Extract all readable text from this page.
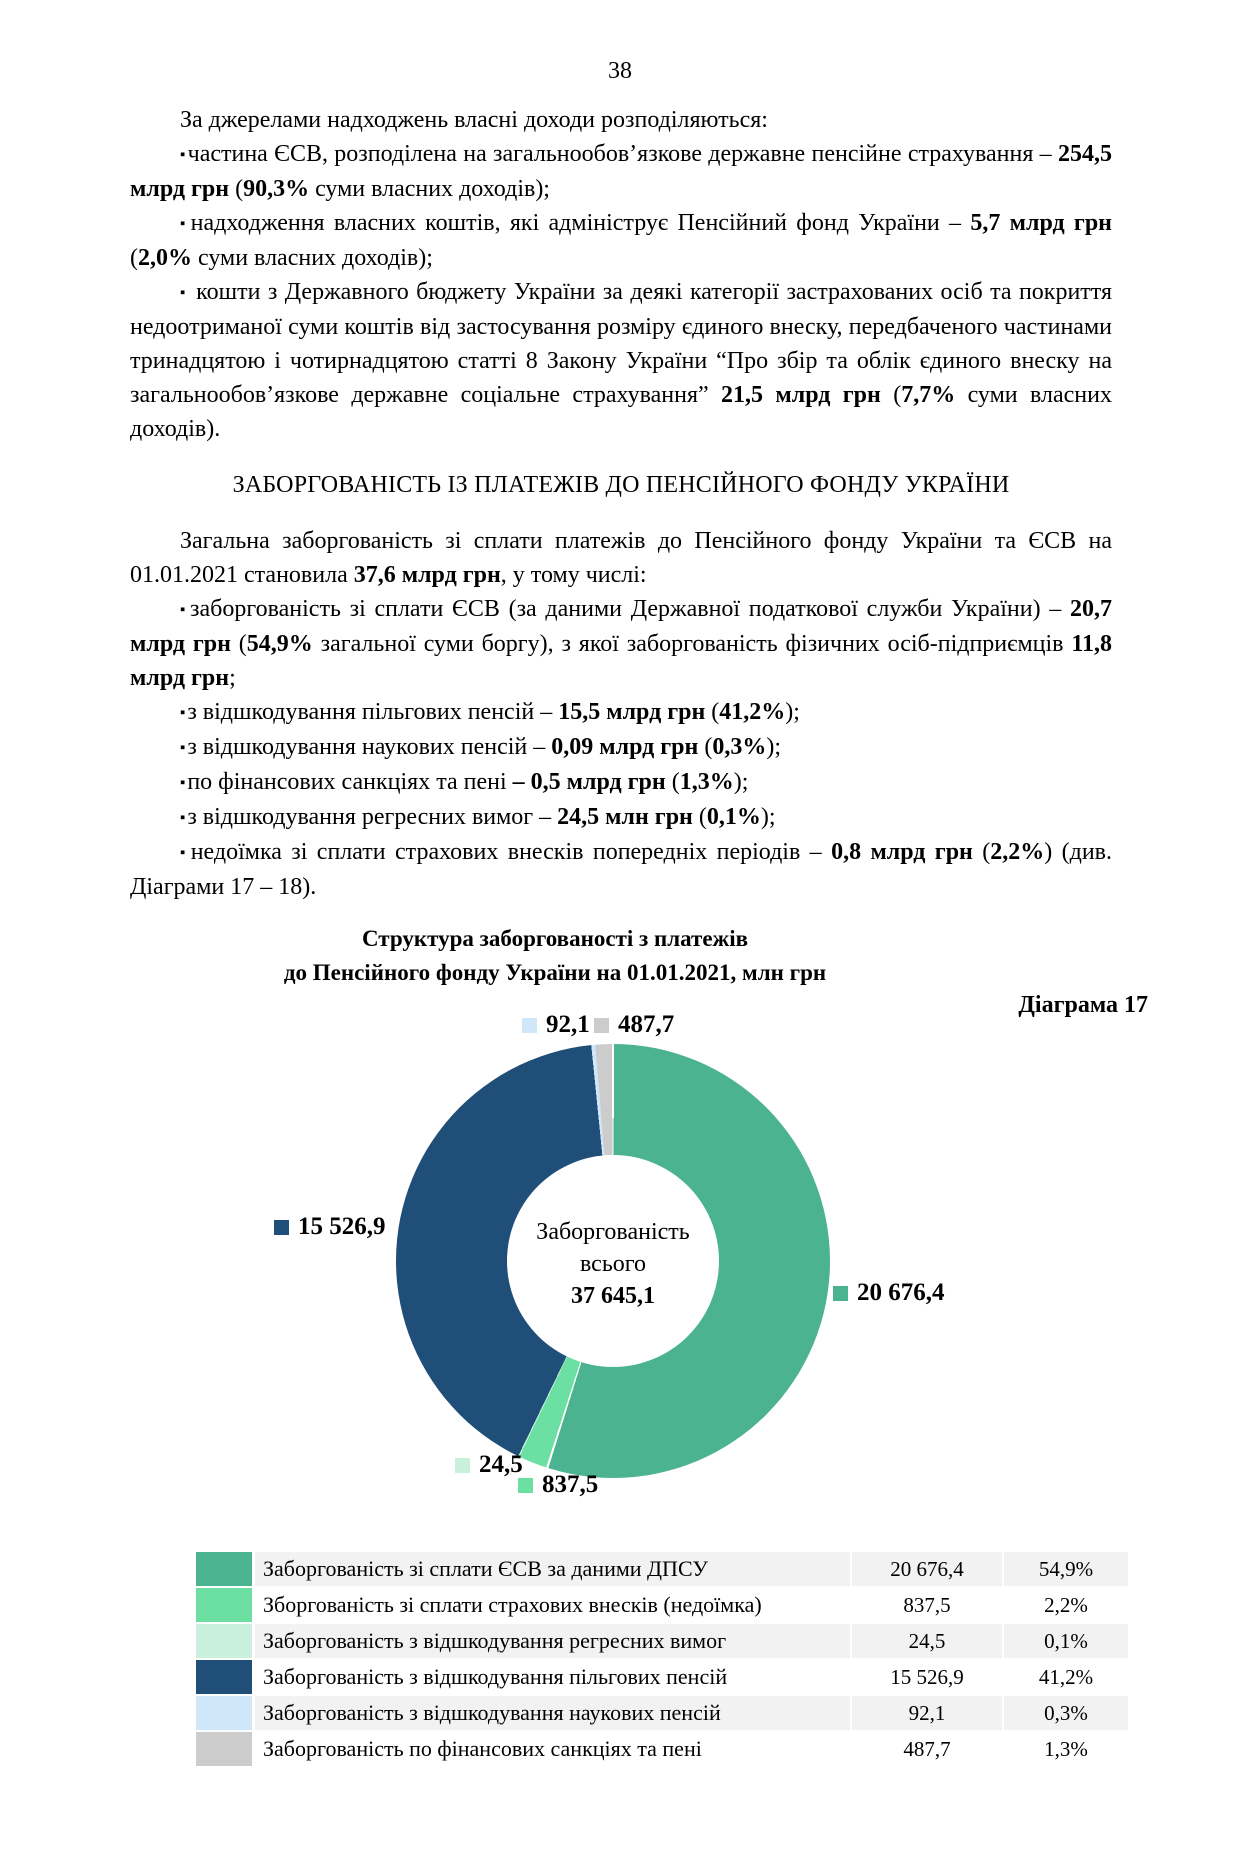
38

За джерелами надходжень власні доходи розподіляються:

▪частина ЄСВ, розподілена на загальнообов’язкове державне пенсійне страхування – 254,5 млрд грн (90,3% суми власних доходів);

▪надходження власних коштів, які адмініструє Пенсійний фонд України – 5,7 млрд грн (2,0% суми власних доходів);

▪ кошти з Державного бюджету України за деякі категорії застрахованих осіб та покриття недоотриманої суми коштів від застосування розміру єдиного внеску, передбаченого частинами тринадцятою і чотирнадцятою статті 8 Закону України “Про збір та облік єдиного внеску на загальнообов’язкове державне соціальне страхування” 21,5 млрд грн (7,7% суми власних доходів).

ЗАБОРГОВАНІСТЬ ІЗ ПЛАТЕЖІВ ДО ПЕНСІЙНОГО ФОНДУ УКРАЇНИ

Загальна заборгованість зі сплати платежів до Пенсійного фонду України та ЄСВ на 01.01.2021 становила 37,6 млрд грн, у тому числі:

▪заборгованість зі сплати ЄСВ (за даними Державної податкової служби України) – 20,7 млрд грн (54,9% загальної суми боргу), з якої заборгованість фізичних осіб-підприємців 11,8 млрд грн;

▪з відшкодування пільгових пенсій – 15,5 млрд грн (41,2%);

▪з відшкодування наукових пенсій – 0,09 млрд грн (0,3%);

▪по фінансових санкціях та пені – 0,5 млрд грн (1,3%);

▪з відшкодування регресних вимог – 24,5 млн грн (0,1%);

▪недоїмка зі сплати страхових внесків попередніх періодів – 0,8 млрд грн (2,2%) (див. Діаграми 17 – 18).

Структура заборгованості з платежів
до Пенсійного фонду України на 01.01.2021, млн грн
Діаграма 17
Заборгованість
всього
37 645,1
92,1 487,7
15 526,9
20 676,4
24,5
837,5
Заборгованість зі сплати ЄСВ за даними ДПСУ	20 676,4	54,9%
Зборгованість зі сплати страхових внесків (недоїмка)	837,5	2,2%
Заборгованість з відшкодування регресних вимог	24,5	0,1%
Заборгованість з відшкодування пільгових пенсій	15 526,9	41,2%
Заборгованість з відшкодування наукових пенсій	92,1	0,3%
Заборгованість по фінансових санкціях та пені	487,7	1,3%
